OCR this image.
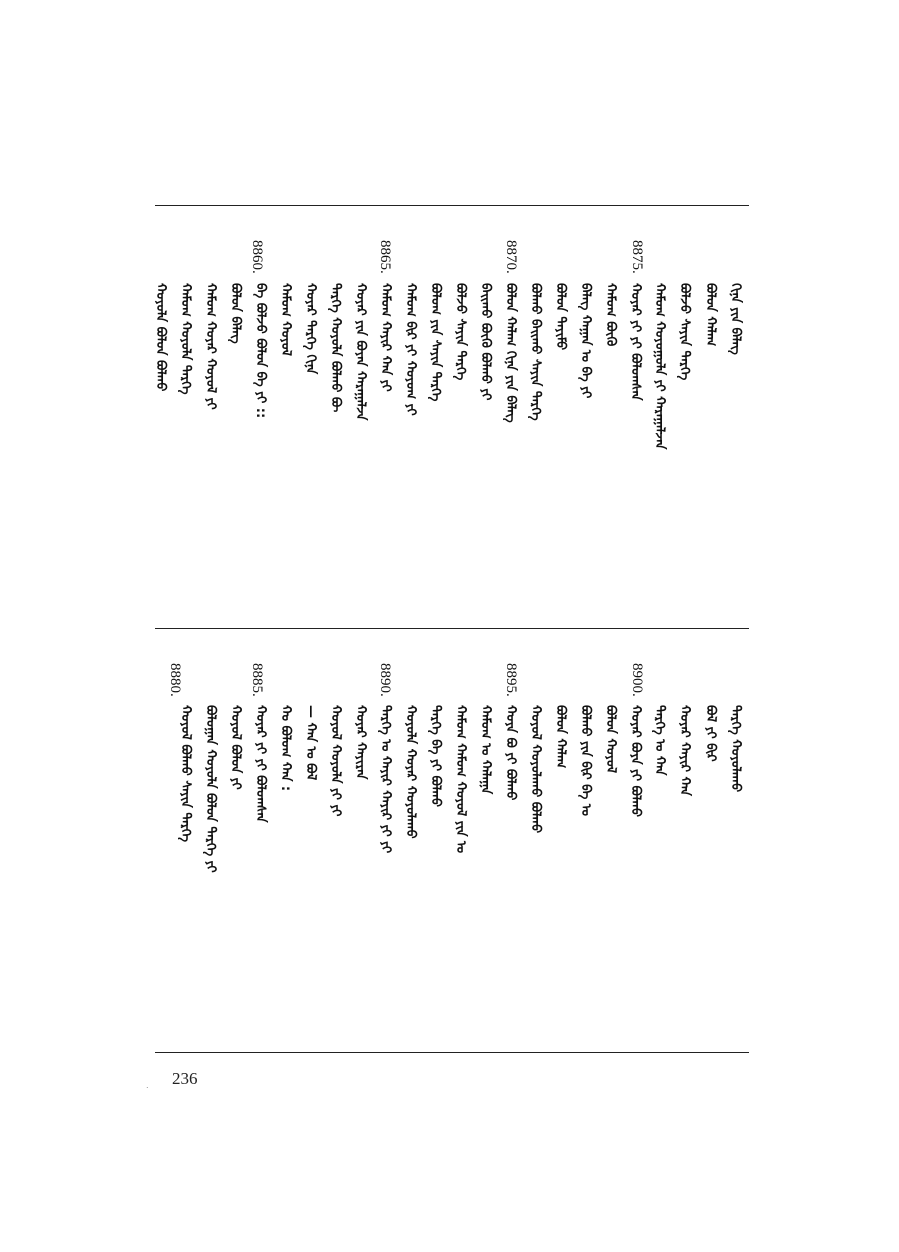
8875.
8870.
8865.
8860.
ᠬᠢᠨᠡ ᠶᠢᠨ ᠪᠡᠯᠡᠭ
ᠪᠣᠯᠤᠨ ᠬᠠᠯᠠᠭ
ᠪᠣᠯᠵᠣ ᠰᠠᠶᠢᠨ ᠲᠡᠷᠭᠡ
ᠬᠠᠮᠤᠭ ᠬᠣᠶᠤᠭᠤᠯᠠ ᠶᠢ ᠬᠠᠷᠠᠭᠠᠯᠵᠠᠨ
ᠬᠣᠶᠠᠷ ᠶᠢ ᠶᠢ ᠪᠣᠯᠤᠭᠰᠠᠨ
ᠬᠠᠮᠤᠭ ᠪᠦᠭᠦ
ᠪᠡᠯᠡᠭ ᠬᠠᠭᠠᠨ ᠤ ᠪᠠ ᠶᠢ
ᠪᠣᠯᠤᠨ ᠲᠡᠶᠢᠮᠦ
ᠪᠣᠯᠬᠤ ᠪᠠᠢᠬᠤ ᠰᠠᠶᠢᠨ ᠲᠡᠷᠭᠡ
ᠪᠣᠯᠤᠨ ᠬᠠᠯᠠᠭ ᠬᠢᠨᠡ ᠶᠢᠨ ᠪᠡᠯᠡᠭ
ᠪᠠᠢᠬᠤ ᠪᠦᠭᠦ ᠪᠣᠯᠬᠤ ᠶᠢ
ᠪᠣᠯᠵᠣ ᠰᠠᠶᠢᠨ ᠲᠡᠷᠭᠡ
ᠪᠣᠯᠤᠭ ᠶᠢᠨ ᠰᠠᠶᠢᠨ ᠲᠡᠷᠭᠡ
ᠬᠠᠮᠤᠭ ᠪᠢᠷ ᠶᠢ ᠬᠣᠶᠤᠭ ᠶᠢ
ᠬᠠᠮᠤᠭ ᠬᠠᠶᠢᠷ ᠬᠠᠨ ᠶᠢ
ᠬᠣᠶᠠᠷ ᠶᠢᠨ ᠪᠣᠶᠠᠨ ᠬᠠᠷᠠᠭᠠᠯᠵᠠ
ᠲᠡᠷᠭᠡ ᠬᠣᠶᠤᠯᠠ ᠪᠣᠯᠬᠤ ᠪᠦ
ᠬᠣᠶᠠᠷ ᠲᠡᠷᠭᠡ ᠬᠢᠨᠡ
ᠬᠠᠮᠤᠭ ᠬᠣᠶᠤᠯ
ᠪᠠ ᠪᠣᠯᠵᠣ ᠪᠣᠯᠤᠨ ᠪᠠ ᠶᠢ ::
ᠪᠣᠯᠤᠨ ᠪᠡᠯᠡᠭ
ᠬᠠᠮᠤᠭ ᠬᠣᠶᠠᠷ ᠬᠣᠶᠤᠯ ᠶᠢ
ᠬᠠᠮᠤᠭ ᠬᠣᠶᠤᠯᠠ ᠲᠡᠷᠭᠡ
ᠬᠣᠶᠤᠯᠠ ᠪᠣᠯᠤᠨ ᠪᠣᠯᠬᠤ
8900.
8895.
8890.
8885.
8880.
ᠲᠡᠷᠭᠡ ᠬᠣᠶᠤᠯᠠᠬᠤ
ᠪᠣᠯ ᠶᠢ ᠪᠢᠷ
ᠬᠣᠶᠠᠷ ᠬᠠᠶᠢᠷ ᠬᠠᠨ
ᠲᠡᠷᠭᠡ ᠤ ᠬᠠᠨ
ᠬᠣᠶᠠᠷ ᠪᠣᠶᠠ ᠶᠢ ᠪᠣᠯᠬᠤ
ᠪᠣᠯᠤᠨ ᠬᠣᠶᠤᠯ
ᠪᠣᠯᠬᠤ ᠶᠢᠨ ᠪᠢᠷ ᠪᠠ ᠤ
ᠪᠣᠯᠤᠨ ᠬᠠᠯᠠᠭ
ᠬᠣᠶᠤᠯ ᠬᠣᠶᠤᠯᠠᠬᠤ ᠪᠣᠯᠬᠤ
ᠬᠣᠶᠠ ᠪᠣ ᠶᠢ ᠪᠣᠯᠬᠤ
ᠬᠠᠮᠤᠭ ᠤ ᠬᠠᠯᠠᠭᠠ
ᠬᠠᠮᠤᠭ ᠬᠠᠮᠤᠭ ᠬᠣᠶᠤᠯ ᠶᠢᠨ ᠤ
ᠲᠡᠷᠭᠡ ᠪᠠ ᠶᠢ ᠪᠣᠯᠬᠤ
ᠬᠣᠶᠤᠯᠠ ᠬᠣᠶᠠᠷ ᠬᠣᠶᠤᠯᠠᠬᠤ
ᠲᠡᠷᠭᠡ ᠤ ᠬᠠᠶᠢᠷ ᠬᠠᠶᠢᠷ ᠶᠢ ᠶᠢ
ᠬᠣᠶᠠᠷ ᠬᠠᠶᠢᠷᠠᠨ
ᠬᠣᠶᠤᠯ ᠬᠣᠶᠤᠯᠠ ᠶᠢ ᠶᠢ
— ᠬᠠᠨ ᠤ ᠪᠣᠯ
ᠬᠣ ᠪᠣᠯᠤᠭ ᠬᠠᠨ :
ᠬᠣᠶᠠᠷ ᠶᠢ ᠶᠢ ᠪᠣᠯᠤᠭᠰᠠᠨ
ᠬᠣᠶᠤᠯ ᠪᠣᠯᠤᠨ ᠶᠢ
ᠪᠣᠯᠤᠭᠠᠨ ᠬᠣᠶᠤᠯᠠ ᠪᠣᠯᠤᠨ ᠲᠡᠷᠭᠡ ᠶᠢ
ᠬᠣᠶᠤᠯ ᠪᠣᠯᠬᠤ ᠰᠠᠶᠢᠨ ᠲᠡᠷᠭᠡ
. 236
